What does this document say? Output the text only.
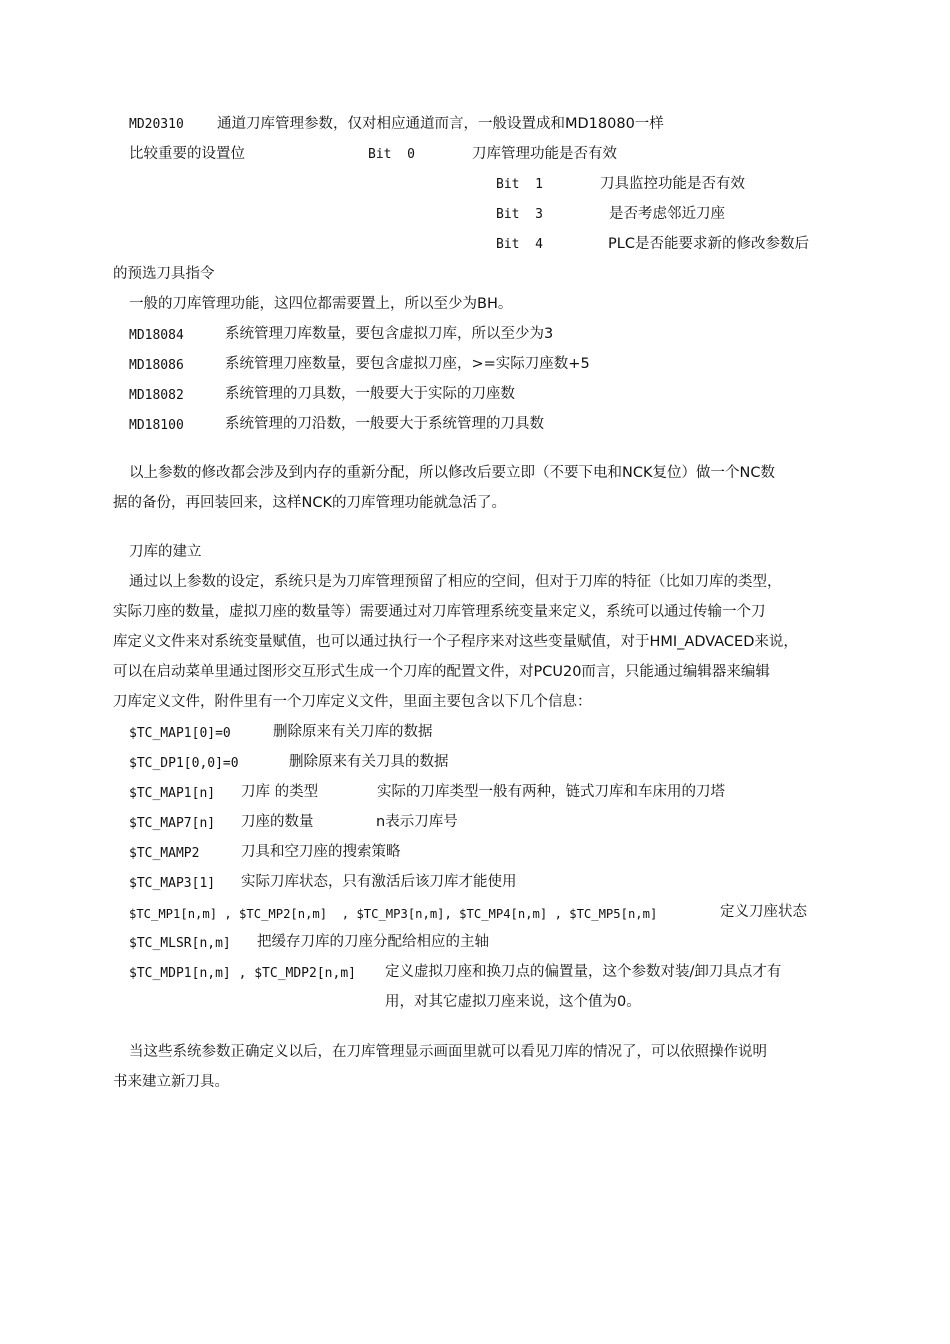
MD20310 通道刀库管理参数，仅对相应通道而言，一般设置成和MD18080一样
比较重要的设置位	Bit  0	刀库管理功能是否有效
Bit  1	刀具监控功能是否有效
Bit  3	是否考虑邻近刀座
Bit  4	PLC是否能要求新的修改参数后
的预选刀具指令
一般的刀库管理功能，这四位都需要置上，所以至少为BH。
MD18084	系统管理刀库数量，要包含虚拟刀库，所以至少为3
MD18086	系统管理刀座数量，要包含虚拟刀座，>=实际刀座数+5
MD18082	系统管理的刀具数，一般要大于实际的刀座数
MD18100	系统管理的刀沿数，一般要大于系统管理的刀具数
以上参数的修改都会涉及到内存的重新分配，所以修改后要立即（不要下电和NCK复位）做一个NC数
据的备份，再回装回来，这样NCK的刀库管理功能就急活了。
刀库的建立
通过以上参数的设定，系统只是为刀库管理预留了相应的空间，但对于刀库的特征（比如刀库的类型，
实际刀座的数量，虚拟刀座的数量等）需要通过对刀库管理系统变量来定义，系统可以通过传输一个刀
库定义文件来对系统变量赋值，也可以通过执行一个子程序来对这些变量赋值，对于HMI_ADVACED来说，
可以在启动菜单里通过图形交互形式生成一个刀库的配置文件，对PCU20而言，只能通过编辑器来编辑
刀库定义文件，附件里有一个刀库定义文件，里面主要包含以下几个信息：
$TC_MAP1[0]=0	删除原来有关刀库的数据
$TC_DP1[0,0]=0	删除原来有关刀具的数据
$TC_MAP1[n] 刀库 的类型	实际的刀库类型一般有两种，链式刀库和车床用的刀塔
$TC_MAP7[n] 刀座的数量	n表示刀库号
$TC_MAMP2	刀具和空刀座的搜索策略
$TC_MAP3[1] 实际刀库状态，只有激活后该刀库才能使用
$TC_MP1[n,m] , $TC_MP2[n,m]  , $TC_MP3[n,m], $TC_MP4[n,m] , $TC_MP5[n,m]	定义刀座状态
$TC_MLSR[n,m] 把缓存刀库的刀座分配给相应的主轴
$TC_MDP1[n,m] , $TC_MDP2[n,m] 定义虚拟刀座和换刀点的偏置量，这个参数对装/卸刀具点才有
用，对其它虚拟刀座来说，这个值为0。
当这些系统参数正确定义以后，在刀库管理显示画面里就可以看见刀库的情况了，可以依照操作说明
书来建立新刀具。
